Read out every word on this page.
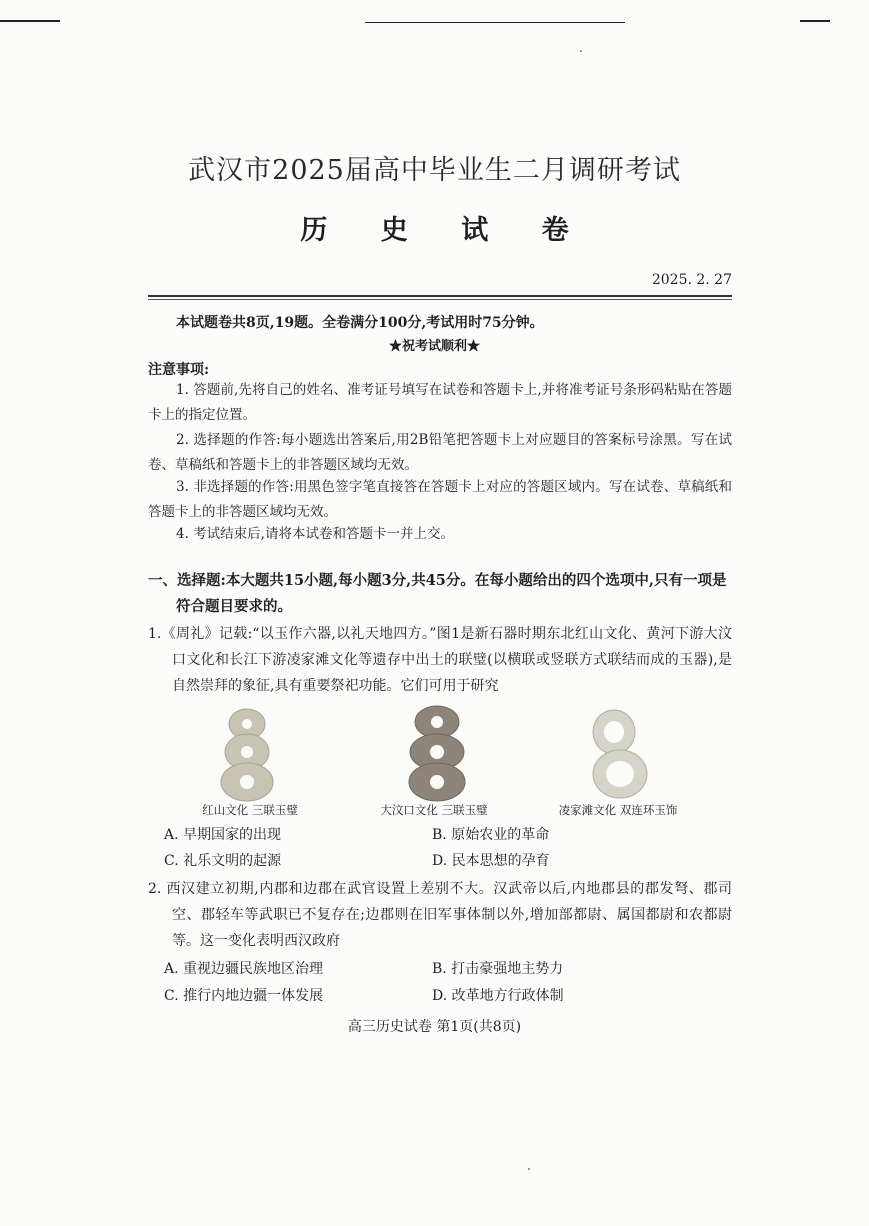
武汉市2025届高中毕业生二月调研考试
历 史 试 卷
2025. 2. 27
本试题卷共8页,19题。全卷满分100分,考试用时75分钟。
★祝考试顺利★
注意事项:
1. 答题前,先将自己的姓名、准考证号填写在试卷和答题卡上,并将准考证号条形码粘贴在答题卡上的指定位置。
2. 选择题的作答:每小题选出答案后,用2B铅笔把答题卡上对应题目的答案标号涂黑。写在试卷、草稿纸和答题卡上的非答题区域均无效。
3. 非选择题的作答:用黑色签字笔直接答在答题卡上对应的答题区域内。写在试卷、草稿纸和答题卡上的非答题区域均无效。
4. 考试结束后,请将本试卷和答题卡一并上交。
一、选择题:本大题共15小题,每小题3分,共45分。在每小题给出的四个选项中,只有一项是符合题目要求的。
1.《周礼》记载:“以玉作六器,以礼天地四方。”图1是新石器时期东北红山文化、黄河下游大汶口文化和长江下游凌家滩文化等遗存中出土的联璧(以横联或竖联方式联结而成的玉器),是自然崇拜的象征,具有重要祭祀功能。它们可用于研究
红山文化 三联玉璧	大汶口文化 三联玉璧	凌家滩文化 双连环玉饰
A. 早期国家的出现	B. 原始农业的革命
C. 礼乐文明的起源	D. 民本思想的孕育
2. 西汉建立初期,内郡和边郡在武官设置上差别不大。汉武帝以后,内地郡县的郡发弩、郡司空、郡轻车等武职已不复存在;边郡则在旧军事体制以外,增加部都尉、属国都尉和农都尉等。这一变化表明西汉政府
A. 重视边疆民族地区治理	B. 打击豪强地主势力
C. 推行内地边疆一体发展	D. 改革地方行政体制
高三历史试卷 第1页(共8页)
